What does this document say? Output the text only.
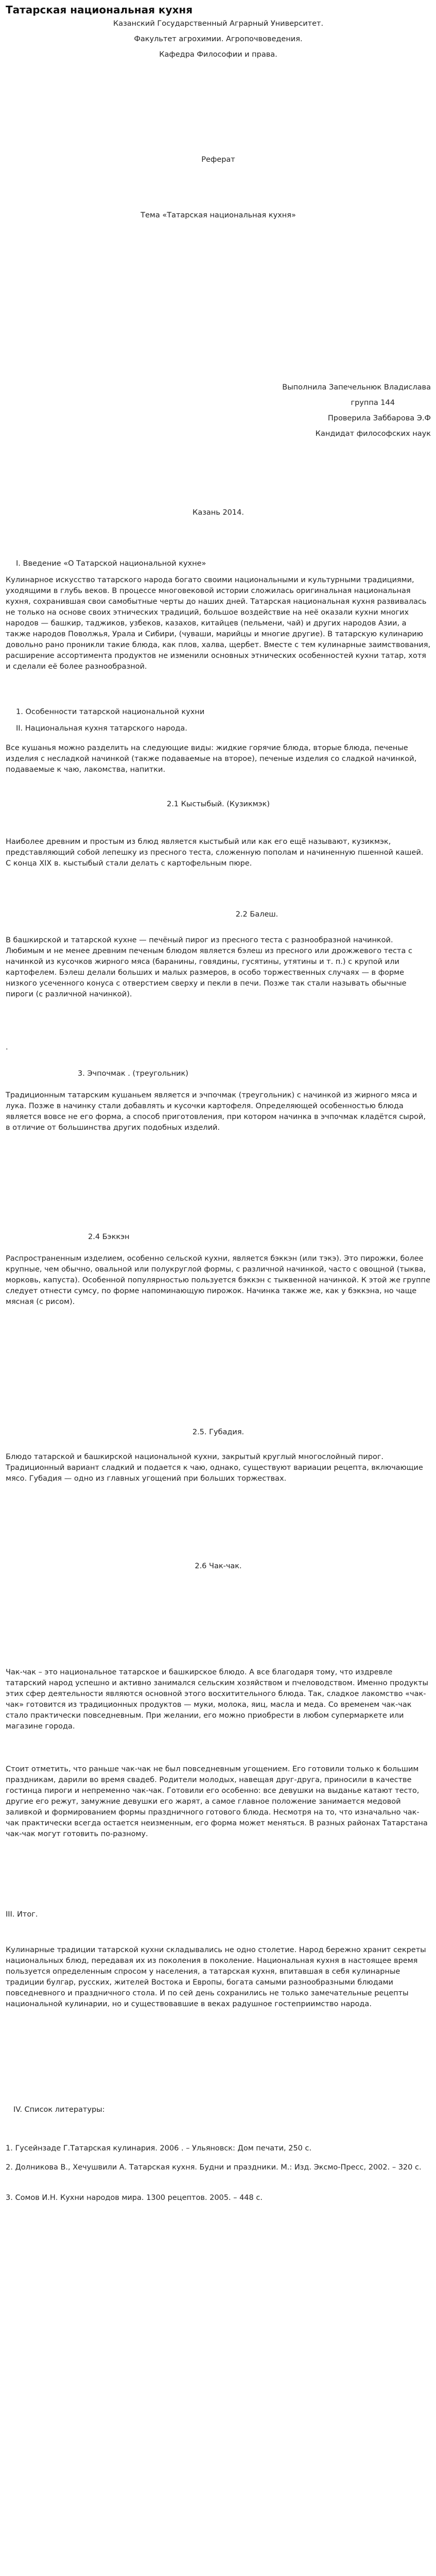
Татарская национальная кухня

Казанский Государственный Аграрный Университет.

Факультет агрохимии. Агропочвоведения.

Кафедра Философии и права.

Реферат

Тема «Татарская национальная кухня»

Выполнила Запечельнюк Владислава

группа 144

Проверила Заббарова Э.Ф

Кандидат философских наук

Казань 2014.

I. Введение «О Татарской национальной кухне»

Кулинарное искусство татарского народа богато своими национальными и культурными традициями, уходящими в глубь веков. В процессе многовековой истории сложилась оригинальная национальная кухня, сохранившая свои самобытные черты до наших дней. Татарская национальная кухня развивалась не только на основе своих этнических традиций, большое воздействие на неё оказали кухни многих народов — башкир, таджиков, узбеков, казахов, китайцев (пельмени, чай) и других народов Азии, а также народов Поволжья, Урала и Сибири, (чуваши, марийцы и многие другие). В татарскую кулинарию довольно рано проникли такие блюда, как плов, халва, щербет. Вместе с тем кулинарные заимствования, расширение ассортимента продуктов не изменили основных этнических особенностей кухни татар, хотя и сделали её более разнообразной.

1. Особенности татарской национальной кухни

II. Национальная кухня татарского народа.

Все кушанья можно разделить на следующие виды: жидкие горячие блюда, вторые блюда, печеные изделия с несладкой начинкой (также подаваемые на второе), печеные изделия со сладкой начинкой, подаваемые к чаю, лакомства, напитки.

2.1 Кыстыбый. (Кузикмэк)

Наиболее древним и простым из блюд является кыстыбый или как его ещё называют, кузикмэк, представляющий собой лепешку из пресного теста, сложенную пополам и начиненную пшенной кашей. С конца XIX в. кыстыбый стали делать с картофельным пюре.

2.2 Балеш.

В башкирской и татарской кухне — печёный пирог из пресного теста с разнообразной начинкой. Любимым и не менее древним печеным блюдом является бэлеш из пресного или дрожжевого теста с начинкой из кусочков жирного мяса (баранины, говядины, гусятины, утятины и т. п.) с крупой или картофелем. Бэлеш делали больших и малых размеров, в особо торжественных случаях — в форме низкого усеченного конуса с отверстием сверху и пекли в печи. Позже так стали называть обычные пироги (с различной начинкой).

.

3. Эчпочмак . (треугольник)

Традиционным татарским кушаньем является и эчпочмак (треугольник) с начинкой из жирного мяса и лука. Позже в начинку стали добавлять и кусочки картофеля. Определяющей особенностью блюда является вовсе не его форма, а способ приготовления, при котором начинка в эчпочмак кладётся сырой, в отличие от большинства других подобных изделий.

2.4 Бэккэн

Распространенным изделием, особенно сельской кухни, является бэккэн (или тэкэ). Это пирожки, более крупные, чем обычно, овальной или полукруглой формы, с различной начинкой, часто с овощной (тыква, морковь, капуста). Особенной популярностью пользуется бэккэн с тыквенной начинкой. К этой же группе следует отнести сумсу, по форме напоминающую пирожок. Начинка также же, как у бэккэна, но чаще мясная (с рисом).

2.5. Губадия.

Блюдо татарской и башкирской национальной кухни, закрытый круглый многослойный пирог. Традиционный вариант сладкий и подается к чаю, однако, существуют вариации рецепта, включающие мясо. Губадия — одно из главных угощений при больших торжествах.

2.6 Чак-чак.

Чак-чак – это национальное татарское и башкирское блюдо. А все благодаря тому, что издревле татарский народ успешно и активно занимался сельским хозяйством и пчеловодством. Именно продукты этих сфер деятельности являются основной этого восхитительного блюда. Так, сладкое лакомство «чак-чак» готовится из традиционных продуктов — муки, молока, яиц, масла и меда. Со временем чак-чак стало практически повседневным. При желании, его можно приобрести в любом супермаркете или магазине города.

Стоит отметить, что раньше чак-чак не был повседневным угощением. Его готовили только к большим праздникам, дарили во время свадеб. Родители молодых, навещая друг-друга, приносили в качестве гостинца пироги и непременно чак-чак. Готовили его особенно: все девушки на выданье катают тесто, другие его режут, замужние девушки его жарят, а самое главное положение занимается медовой заливкой и формированием формы праздничного готового блюда. Несмотря на то, что изначально чак-чак практически всегда остается неизменным, его форма может меняться. В разных районах Татарстана чак-чак могут готовить по-разному.

III. Итог.

Кулинарные традиции татарской кухни складывались не одно столетие. Народ бережно хранит секреты национальных блюд, передавая их из поколения в поколение. Национальная кухня в настоящее время пользуется определенным спросом у населения, а татарская кухня, впитавшая в себя кулинарные традиции булгар, русских, жителей Востока и Европы, богата самыми разнообразными блюдами повседневного и праздничного стола. И по сей день сохранились не только замечательные рецепты национальной кулинарии, но и существовавшие в веках радушное гостеприимство народа.

IV. Список литературы:

1. Гусейнзаде Г.Татарская кулинария. 2006 . – Ульяновск: Дом печати, 250 с.

2. Долникова В., Хечушвили А. Татарская кухня. Будни и праздники. М.: Изд. Эксмо-Пресс, 2002. – 320 с.

3. Сомов И.Н. Кухни народов мира. 1300 рецептов. 2005. – 448 с.
